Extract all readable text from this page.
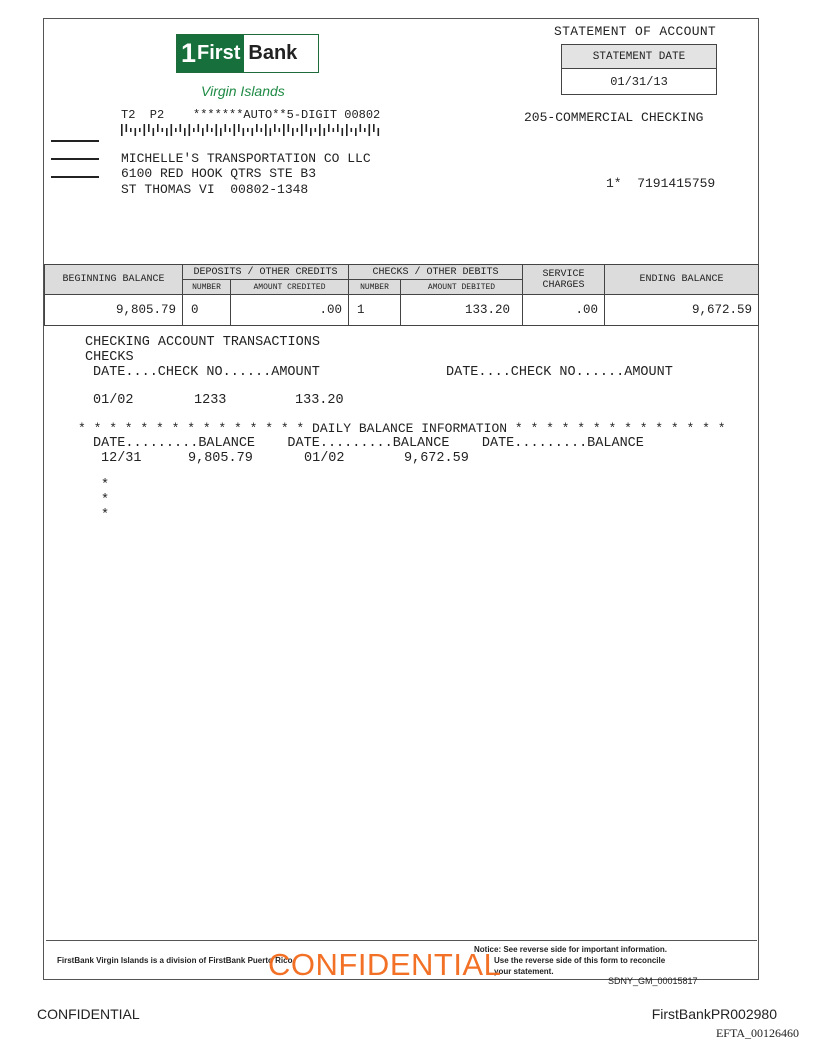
1 First Bank
Virgin Islands
STATEMENT OF ACCOUNT
STATEMENT DATE
01/31/13
205-COMMERCIAL CHECKING
1*  7191415759
T2  P2    *******AUTO**5-DIGIT 00802
MICHELLE'S TRANSPORTATION CO LLC
6100 RED HOOK QTRS STE B3
ST THOMAS VI  00802-1348
BEGINNING BALANCE	DEPOSITS / OTHER CREDITS		CHECKS / OTHER DEBITS		SERVICE
CHARGES	ENDING BALANCE
	NUMBER	AMOUNT CREDITED	NUMBER	AMOUNT DEBITED		
9,805.79	0	.00	1	133.20	.00	9,672.59
CHECKING ACCOUNT TRANSACTIONS
CHECKS
DATE....CHECK NO......AMOUNT	DATE....CHECK NO......AMOUNT
01/02	1233	133.20
* * * * * * * * * * * * * * * DAILY BALANCE INFORMATION * * * * * * * * * * * * * *
DATE.........BALANCE    DATE.........BALANCE    DATE.........BALANCE
12/31	9,805.79	01/02	9,672.59
*
*
*
FirstBank Virgin Islands is a division of FirstBank Puerto Rico.
Notice: See reverse side for important information.
Use the reverse side of this form to reconcile
your statement.
CONFIDENTIAL	SDNY_GM_00015817
CONFIDENTIAL	FirstBankPR002980
EFTA_00126460
